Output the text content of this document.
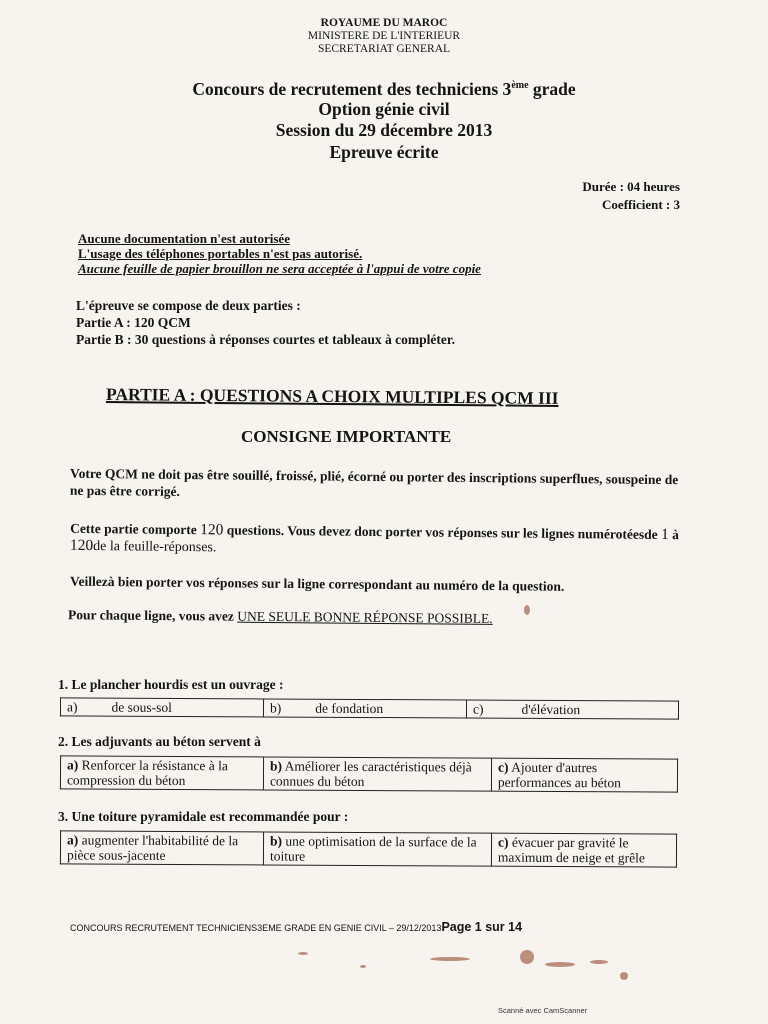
ROYAUME DU MAROC
MINISTERE DE L'INTERIEUR
SECRETARIAT GENERAL
Concours de recrutement des techniciens 3ème grade
Option génie civil
Session du 29 décembre 2013
Epreuve écrite
Durée : 04 heures
Coefficient : 3
Aucune documentation n'est autorisée
L'usage des téléphones portables n'est pas autorisé.
Aucune feuille de papier brouillon ne sera acceptée à l'appui de votre copie
L'épreuve se compose de deux parties :
Partie A : 120 QCM
Partie B : 30 questions à réponses courtes et tableaux à compléter.
PARTIE A : QUESTIONS A CHOIX MULTIPLES QCM III
CONSIGNE IMPORTANTE
Votre QCM ne doit pas être souillé, froissé, plié, écorné ou porter des inscriptions superflues, souspeine de ne pas être corrigé.
Cette partie comporte 120 questions. Vous devez donc porter vos réponses sur les lignes numérotéesde 1 à 120de la feuille-réponses.
Veillezà bien porter vos réponses sur la ligne correspondant au numéro de la question.
Pour chaque ligne, vous avez UNE SEULE BONNE RÉPONSE POSSIBLE.
1. Le plancher hourdis est un ouvrage :
a)	de sous-sol	b)	de fondation	c)	d'élévation
2. Les adjuvants au béton servent à
a) Renforcer la résistance à la compression du béton	b) Améliorer les caractéristiques déjà connues du béton	c) Ajouter d'autres performances au béton
3. Une toiture pyramidale est recommandée pour :
a) augmenter l'habitabilité de la pièce sous-jacente	b) une optimisation de la surface de la toiture	c) évacuer par gravité le maximum de neige et grêle
CONCOURS RECRUTEMENT TECHNICIENS3EME GRADE EN GENIE CIVIL – 29/12/2013Page 1 sur 14
Scanné avec CamScanner
